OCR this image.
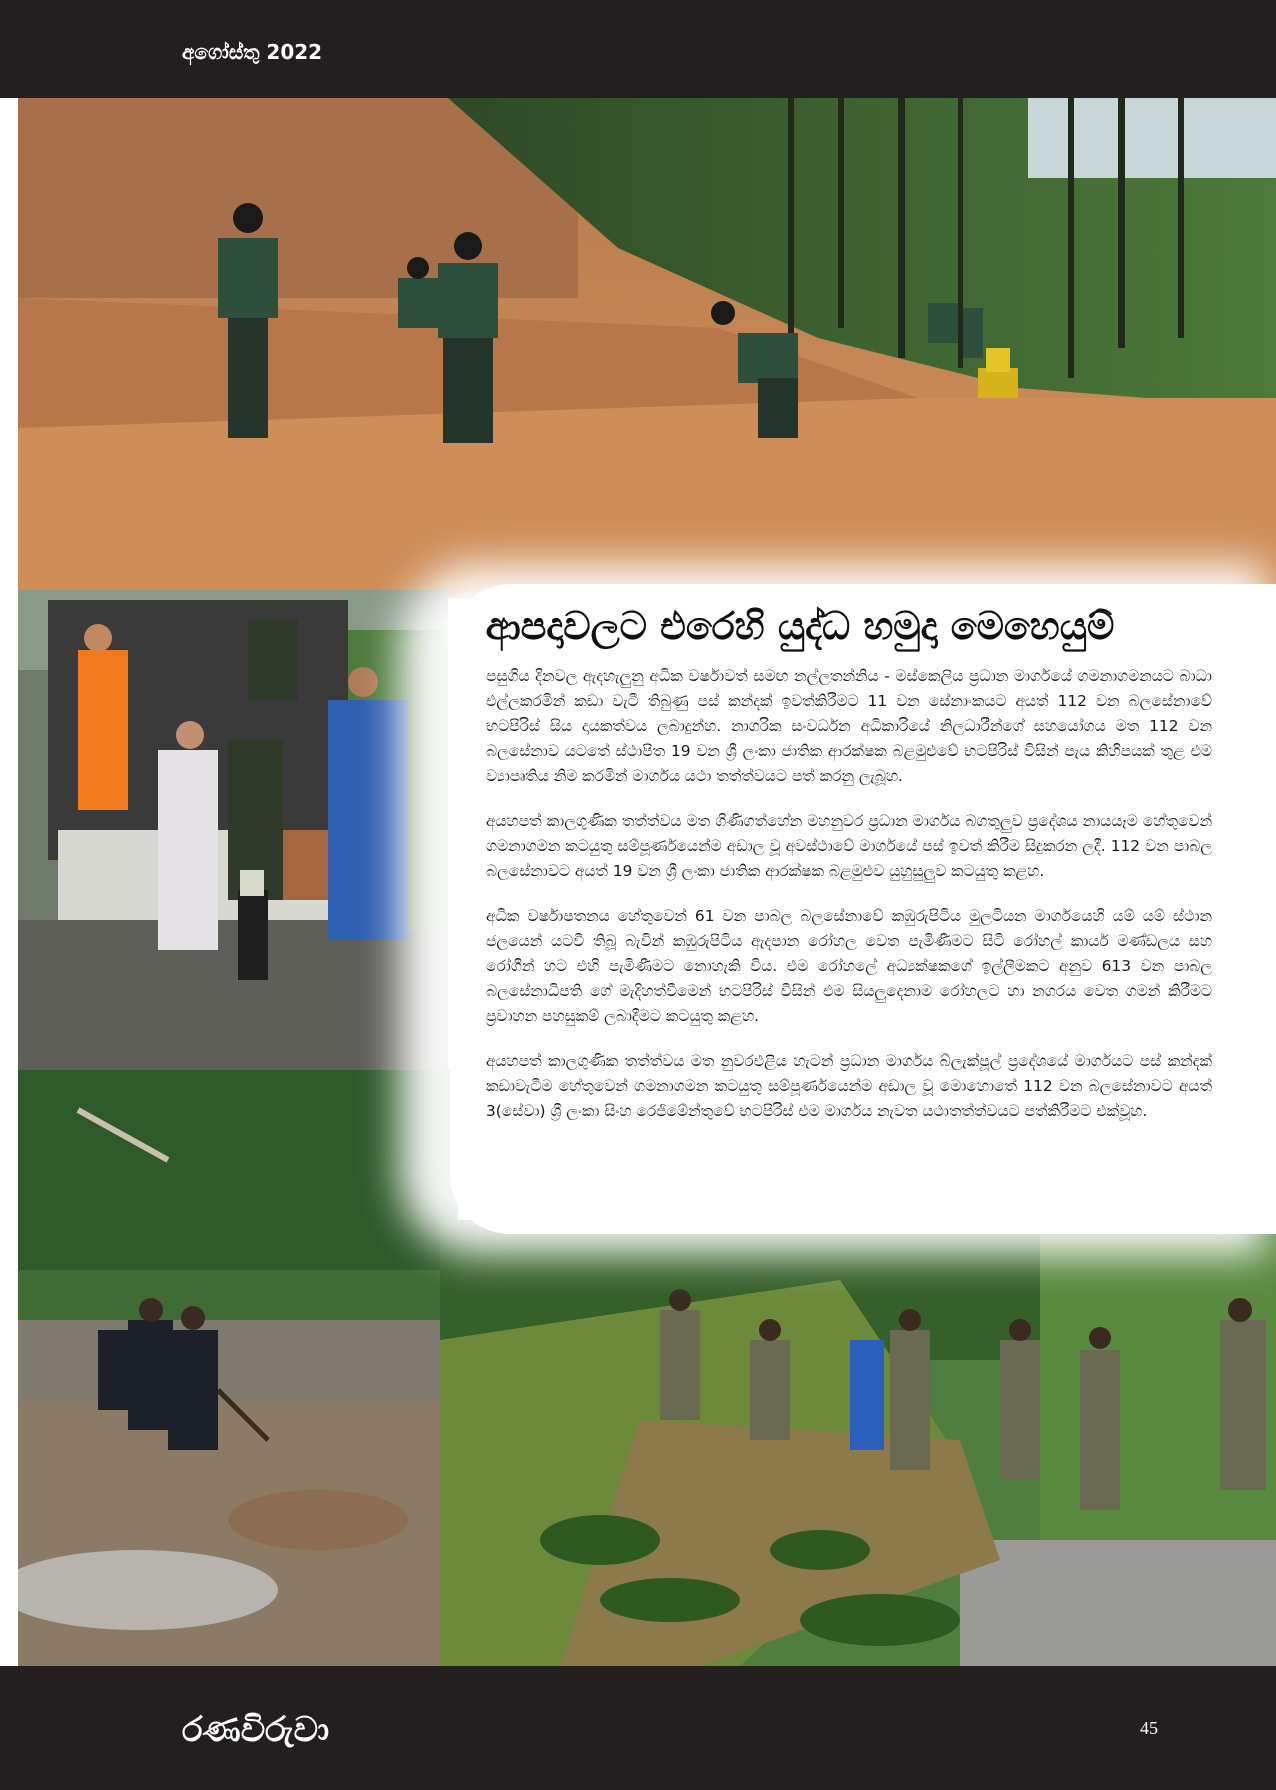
අගෝස්තු 2022
ආපදාවලට එරෙහි යුද්ධ හමුදා මෙහෙයුම්

පසුගිය දිනවල ඇදහැලුනු අධික වර්ෂාවත් සමඟ නල්ලතන්නිය - මස්කෙලිය ප්‍රධාන මාර්ගයේ ගමනාගමනයට බාධා එල්ලකරමින් කඩා වැටී තිබුණු පස් කන්දක් ඉවත්කිරීමට 11 වන සේනාංකයට අයත් 112 වන බලසේනාවේ භටපිරිස් සිය දායකත්වය ලබාදුන්හ. නාගරික සංවර්ධන අධිකාරියේ නිලධාරීන්ගේ සහයෝගය මත 112 වන බලසේනාව යටතේ ස්ථාපිත 19 වන ශ්‍රී ලංකා ජාතික ආරක්ෂක බළමුළුවේ භටපිරිස් විසින් පැය කිහිපයක් තුළ එම ව්‍යාපෘතිය නිම කරමින් මාර්ගය යථා තත්ත්වයට පත් කරනු ලැබූහ.

අයහපත් කාලගුණික තත්ත්වය මත ගිණිගත්හේන මහනුවර ප්‍රධාන මාර්ගය බගතුලුව ප්‍රදේශය නායයෑම හේතුවෙන් ගමනාගමන කටයුතු සම්පූර්ණයෙන්ම අඩාල වූ අවස්ථාවේ මාර්ගයේ පස් ඉවත් කිරීම සිදුකරන ලදී. 112 වන පාබල බලසේනාවට අයත් 19 වන ශ්‍රී ලංකා ජාතික ආරක්ෂක බළමුළුව යුහුසුලුව කටයුතු කළහ.

අධික වර්ෂාපතනය හේතුවෙන් 61 වන පාබල බලසේනාවේ කඹුරුපිටිය මුලටියන මාර්ගයෙහි යම් යම් ස්ථාන ජලයෙන් යටවී තිබූ බැවින් කඹුරුපිටිය ඇදපාන රෝහල වෙත පැමිණීමට සිටි රෝහල් කාර්ය මණ්ඩලය සහ රෝගීන් හට එහි පැමිණීමට නොහැකි විය. එම රෝහලේ අධ්‍යක්ෂකගේ ඉල්ලීමකට අනුව 613 වන පාබල බලසේනාධිපති ගේ මැදිහත්වීමෙන් භටපිරිස් විසින් එම සියලුදෙනාම රෝහලට හා නගරය වෙත ගමන් කිරීමට ප්‍රවාහන පහසුකම් ලබාදීමට කටයුතු කළහ.

අයහපත් කාලගුණික තත්ත්වය මත නුවරඑළිය හැටන් ප්‍රධාන මාර්ගය බ්ලැක්පූල් ප්‍රදේශයේ මාර්ගයට පස් කන්දක් කඩාවැටීම හේතුවෙන් ගමනාගමන කටයුතු සම්පූර්ණයෙන්ම අඩාල වූ මොහොතේ 112 වන බලසේනාවට අයත් 3(සේවා) ශ්‍රී ලංකා සිංහ රෙජිමේන්තුවේ භටපිරිස් එම මාර්ගය නැවත යථාතත්ත්වයට පත්කිරීමට එක්වූහ.

රණවිරුවා	45
